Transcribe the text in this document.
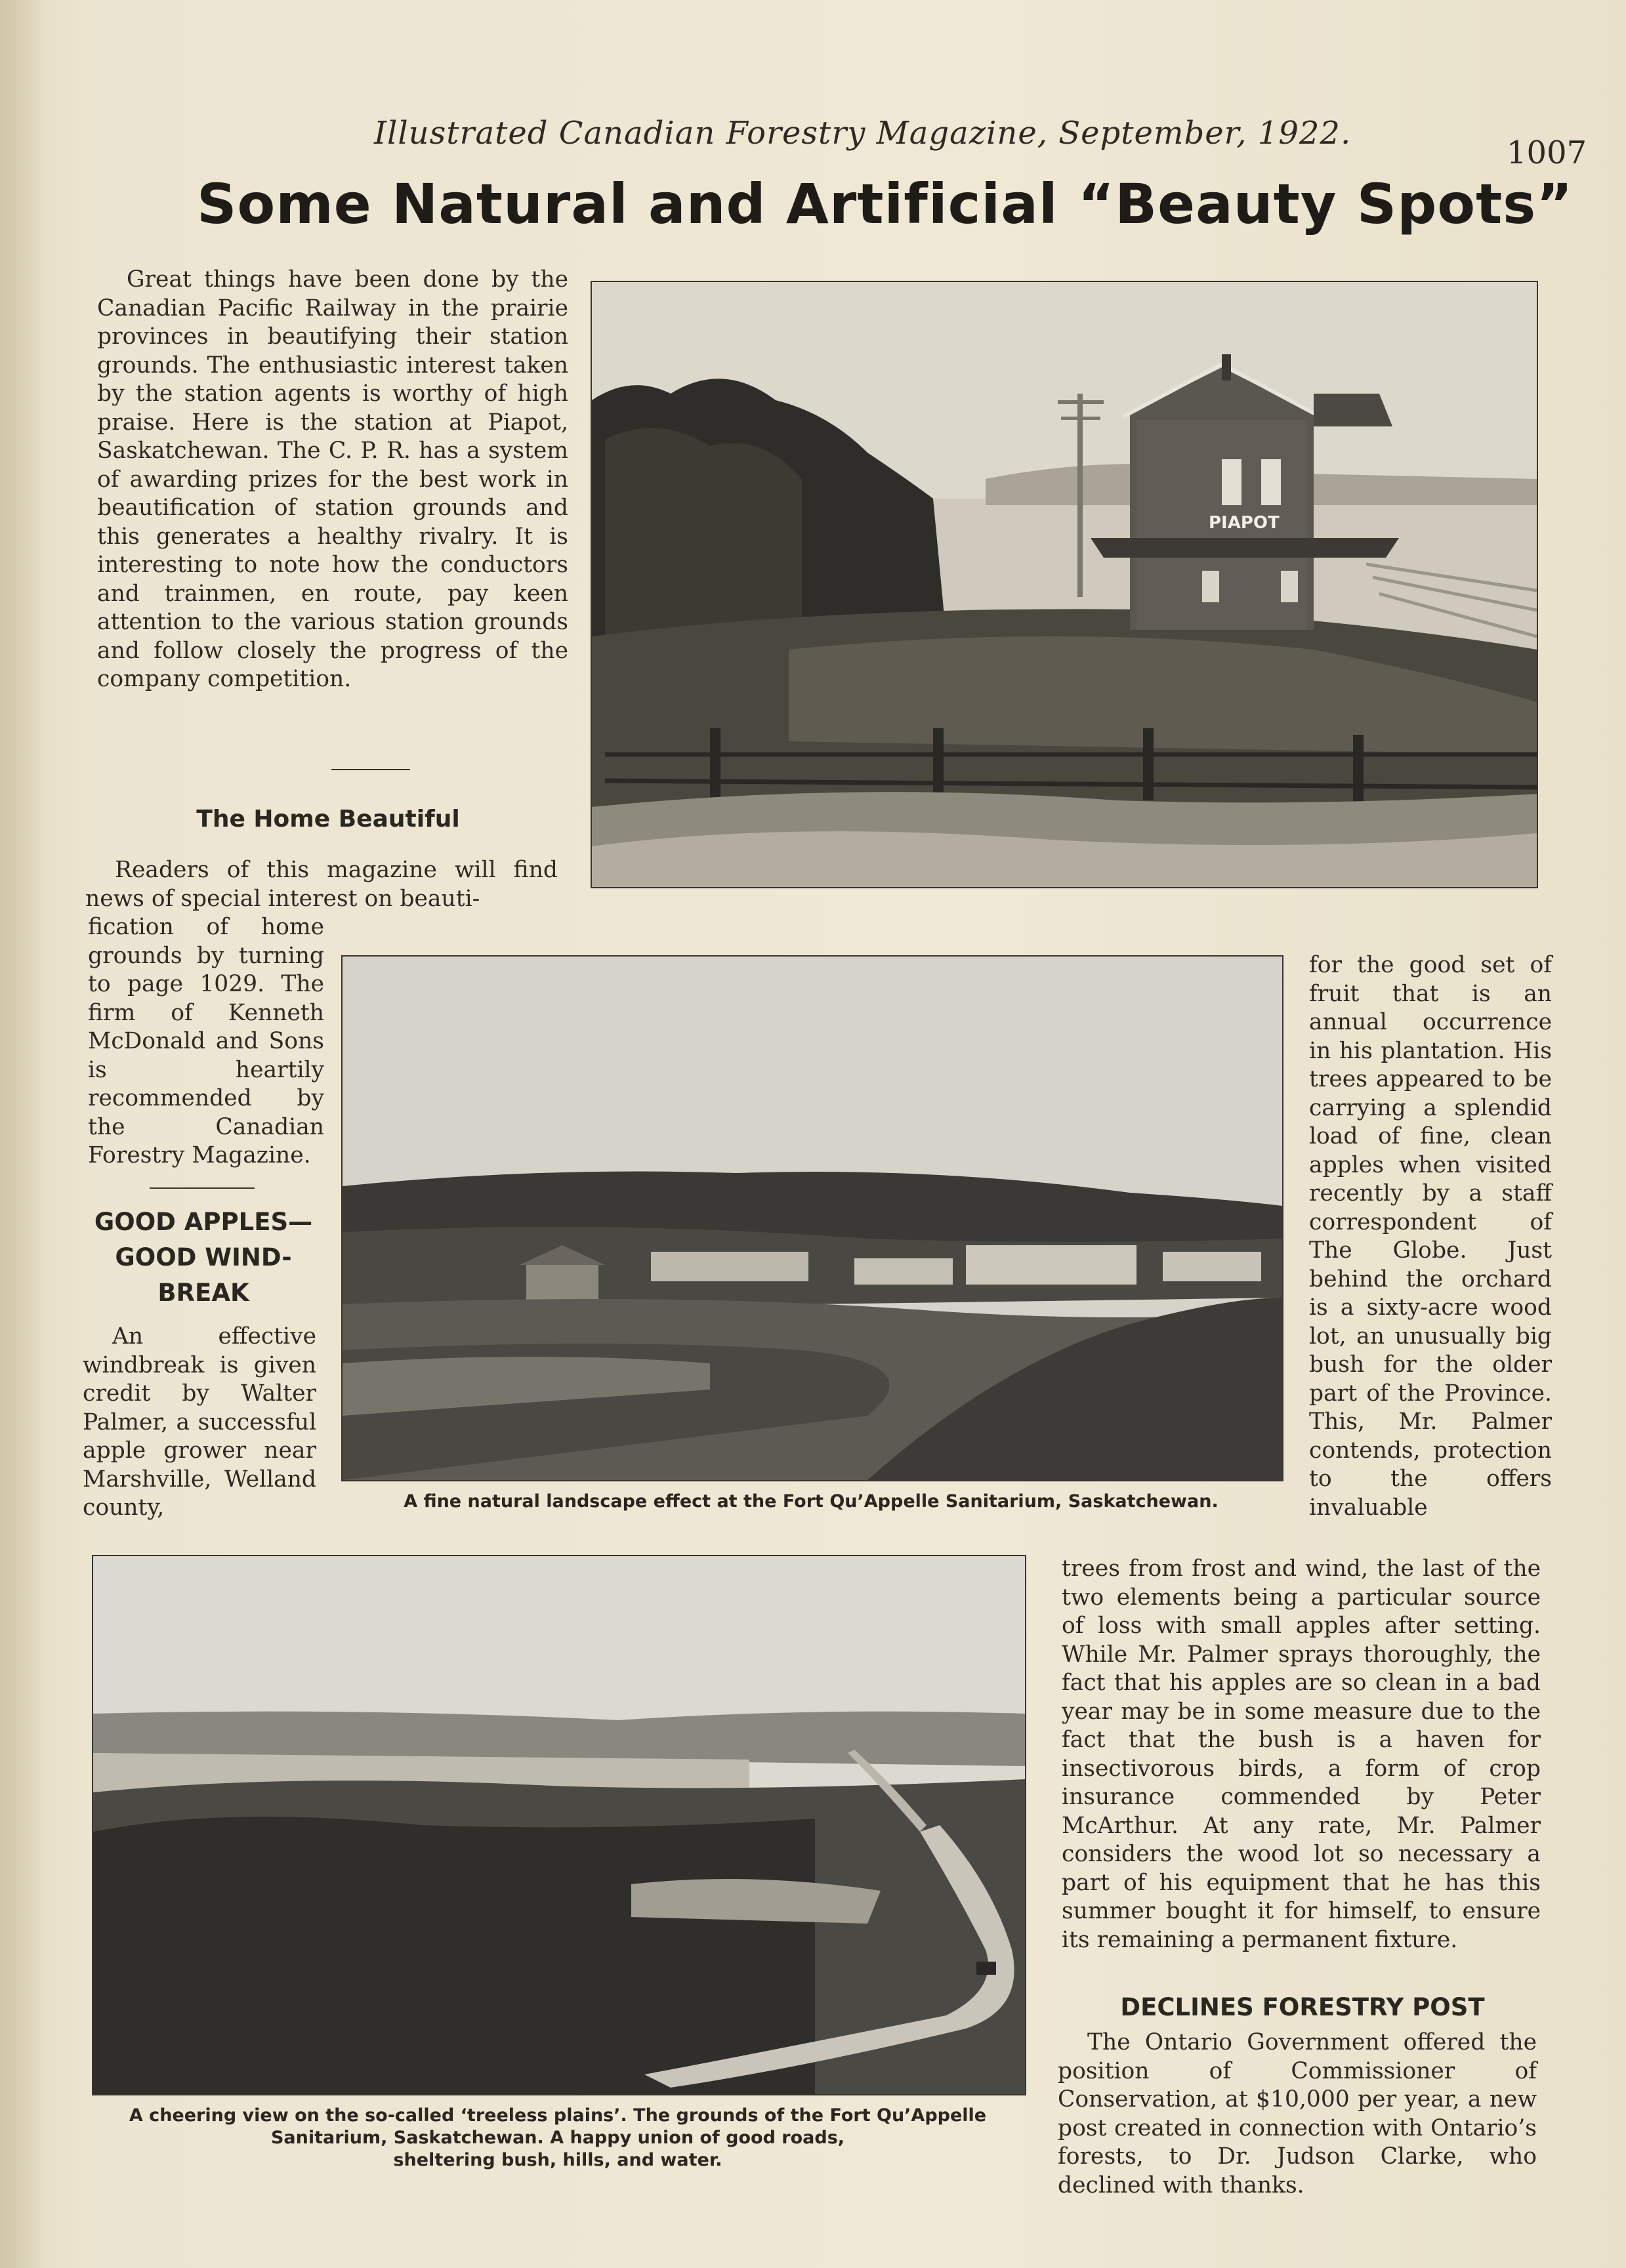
Illustrated Canadian Forestry Magazine, September, 1922.
1007
Some Natural and Artificial “Beauty Spots”

Great things have been done by the Canadian Pacific Railway in the prairie provinces in beautifying their station grounds. The enthusiastic interest taken by the station agents is worthy of high praise. Here is the station at Piapot, Saskatchewan. The C. P. R. has a system of awarding prizes for the best work in beautification of station grounds and this generates a healthy rivalry. It is interesting to note how the conductors and trainmen, en route, pay keen attention to the various station grounds and follow closely the progress of the company competition.

The Home Beautiful

Readers of this magazine will find news of special interest on beauti-

fication of home grounds by turning to page 1029. The firm of Kenneth McDonald and Sons is heartily recommended by the Canadian Forestry Magazine.

GOOD APPLES—
GOOD WIND-
BREAK

An effective windbreak is given credit by Walter Palmer, a successful apple grower near Marshville, Welland county,

for the good set of fruit that is an annual occurrence in his plantation. His trees appeared to be carrying a splendid load of fine, clean apples when visited recently by a staff correspondent of The Globe. Just behind the orchard is a sixty-acre wood lot, an unusually big bush for the older part of the Province. This, Mr. Palmer contends, protection to the offers invaluable

trees from frost and wind, the last of the two elements being a particular source of loss with small apples after setting. While Mr. Palmer sprays thoroughly, the fact that his apples are so clean in a bad year may be in some measure due to the fact that the bush is a haven for insectivorous birds, a form of crop insurance commended by Peter McArthur. At any rate, Mr. Palmer considers the wood lot so necessary a part of his equipment that he has this summer bought it for himself, to ensure its remaining a permanent fixture.

DECLINES FORESTRY POST

The Ontario Government offered the position of Commissioner of Conservation, at $10,000 per year, a new post created in connection with Ontario’s forests, to Dr. Judson Clarke, who declined with thanks.

PIAPOT
A fine natural landscape effect at the Fort Qu’Appelle Sanitarium, Saskatchewan.
A cheering view on the so-called ‘treeless plains’. The grounds of the Fort Qu’Appelle
Sanitarium, Saskatchewan. A happy union of good roads,
sheltering bush, hills, and water.
